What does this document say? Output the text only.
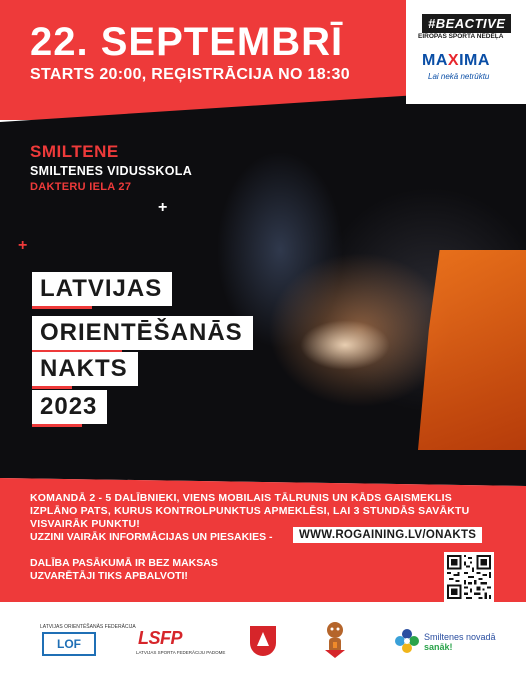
22. SEPTEMBRĪ
STARTS 20:00, REĢISTRĀCIJA NO 18:30
#BEACTIVE
EIROPAS SPORTA NEDĒĻA
MAXIMA
Lai nekā netrūktu
SMILTENE
SMILTENES VIDUSSKOLA
DAKTERU IELA 27
+
+
LATVIJAS
ORIENTĒŠANĀS
NAKTS
2023
KOMANDĀ 2 - 5 DALĪBNIEKI, VIENS MOBILAIS TĀLRUNIS UN KĀDS GAISMEKLIS
IZPLĀNO PATS, KURUS KONTROLPUNKTUS APMEKLĒSI, LAI 3 STUNDĀS SAVĀKTU
VISVAIRĀK PUNKTU!
UZZINI VAIRĀK INFORMĀCIJAS UN PIESAKIES -	WWW.ROGAINING.LV/ONAKTS
DALĪBA PASĀKUMĀ IR BEZ MAKSAS
UZVARĒTĀJI TIKS APBALVOTI!
LATVIJAS ORIENTĒŠANĀS FEDERĀCIJA
LOF	LSFP
LATVIJAS SPORTA FEDERĀCIJU PADOME
Smiltenes novadā
sanāk!
